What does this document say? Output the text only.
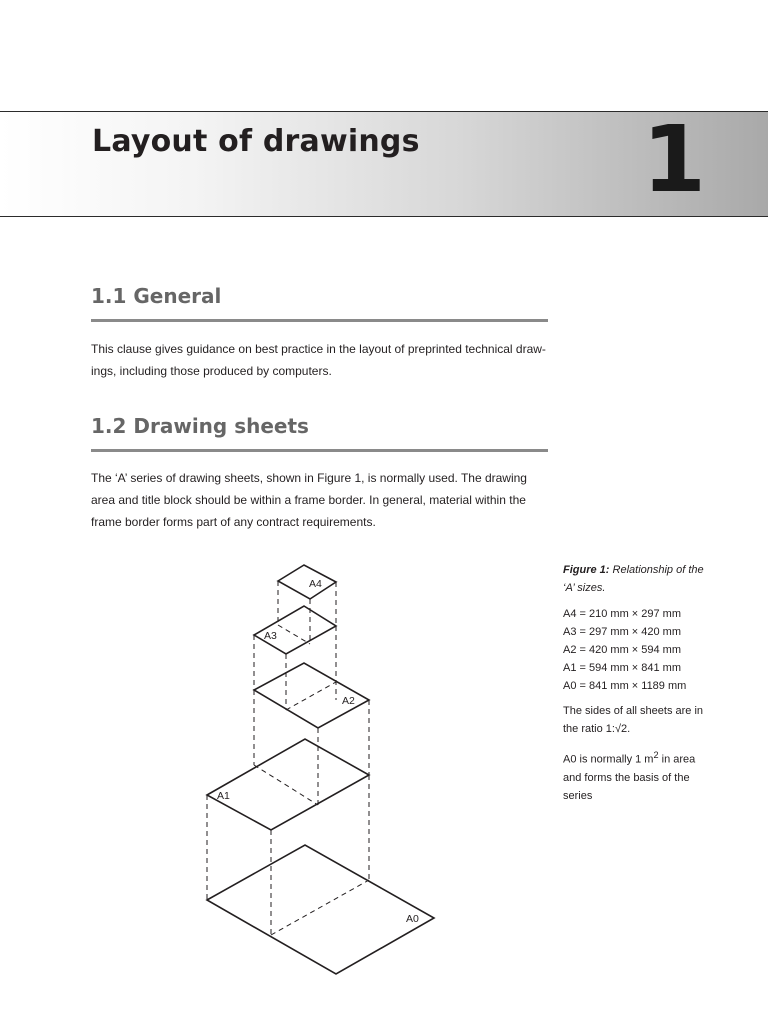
Layout of drawings 1
1.1 General

This clause gives guidance on best practice in the layout of preprinted technical draw-ings, including those produced by computers.

1.2 Drawing sheets

The ‘A’ series of drawing sheets, shown in Figure 1, is normally used. The drawing area and title block should be within a frame border. In general, material within the frame border forms part of any contract requirements.

A4
A3
A2
A1
A0

Figure 1: Relationship of the ‘A’ sizes.

A4 = 210 mm × 297 mm
A3 = 297 mm × 420 mm
A2 = 420 mm × 594 mm
A1 = 594 mm × 841 mm
A0 = 841 mm × 1189 mm

The sides of all sheets are in the ratio 1:√2.

A0 is normally 1 $m^2$ in area and forms the basis of the series
